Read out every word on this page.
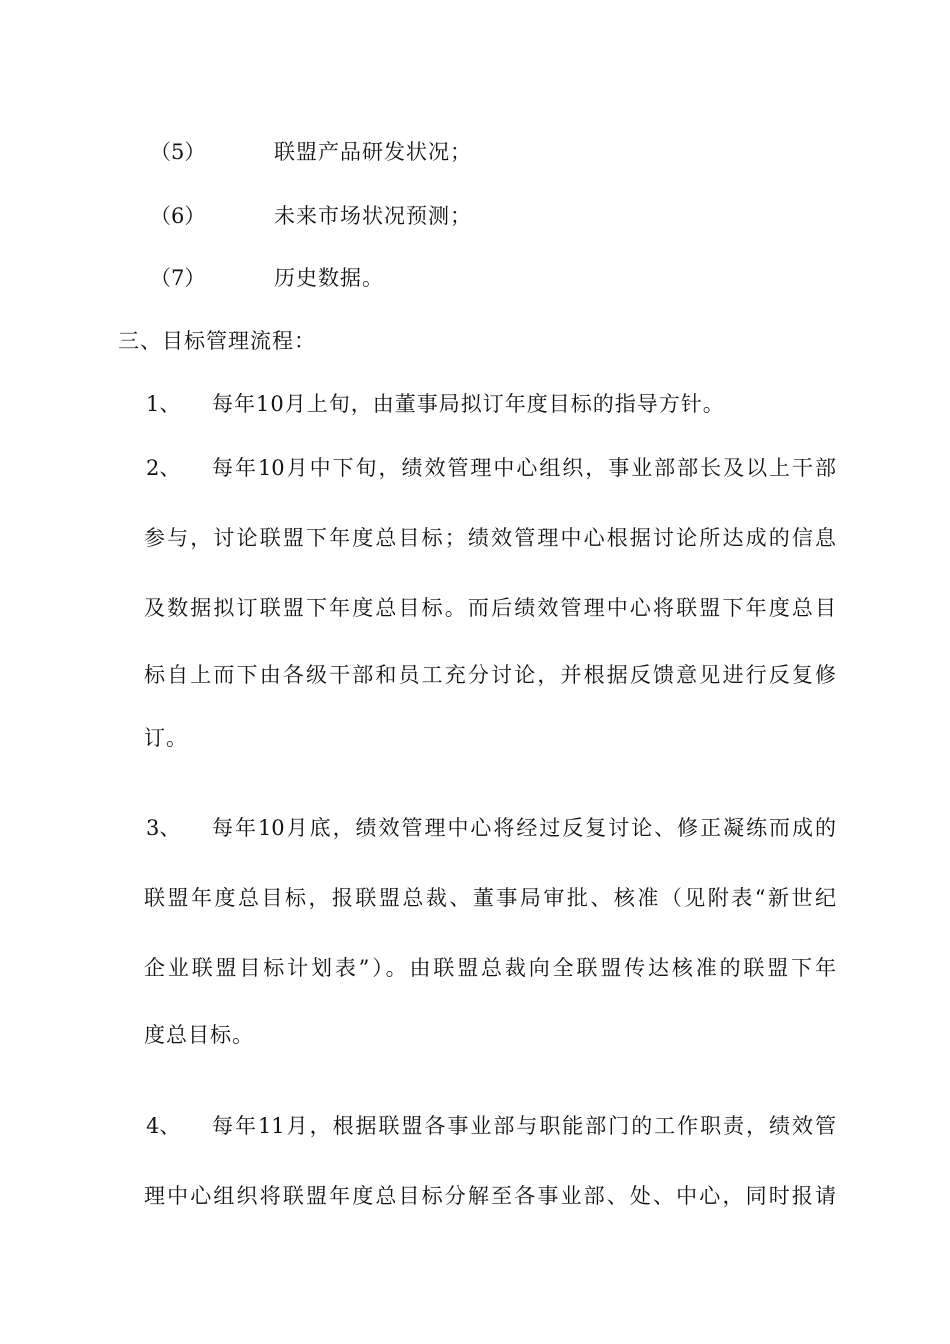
（5）	联盟产品研发状况；
（6）	未来市场状况预测；
（7）	历史数据。
三、目标管理流程：
1、 每年10月上旬，由董事局拟订年度目标的指导方针。
2、 每年10月中下旬，绩效管理中心组织，事业部部长及以上干部
参与，讨论联盟下年度总目标；绩效管理中心根据讨论所达成的信息
及数据拟订联盟下年度总目标。而后绩效管理中心将联盟下年度总目
标自上而下由各级干部和员工充分讨论，并根据反馈意见进行反复修
订。
3、 每年10月底，绩效管理中心将经过反复讨论、修正凝练而成的
联盟年度总目标，报联盟总裁、董事局审批、核准（见附表“新世纪
企业联盟目标计划表”）。由联盟总裁向全联盟传达核准的联盟下年
度总目标。
4、 每年11月，根据联盟各事业部与职能部门的工作职责，绩效管
理中心组织将联盟年度总目标分解至各事业部、处、中心，同时报请
